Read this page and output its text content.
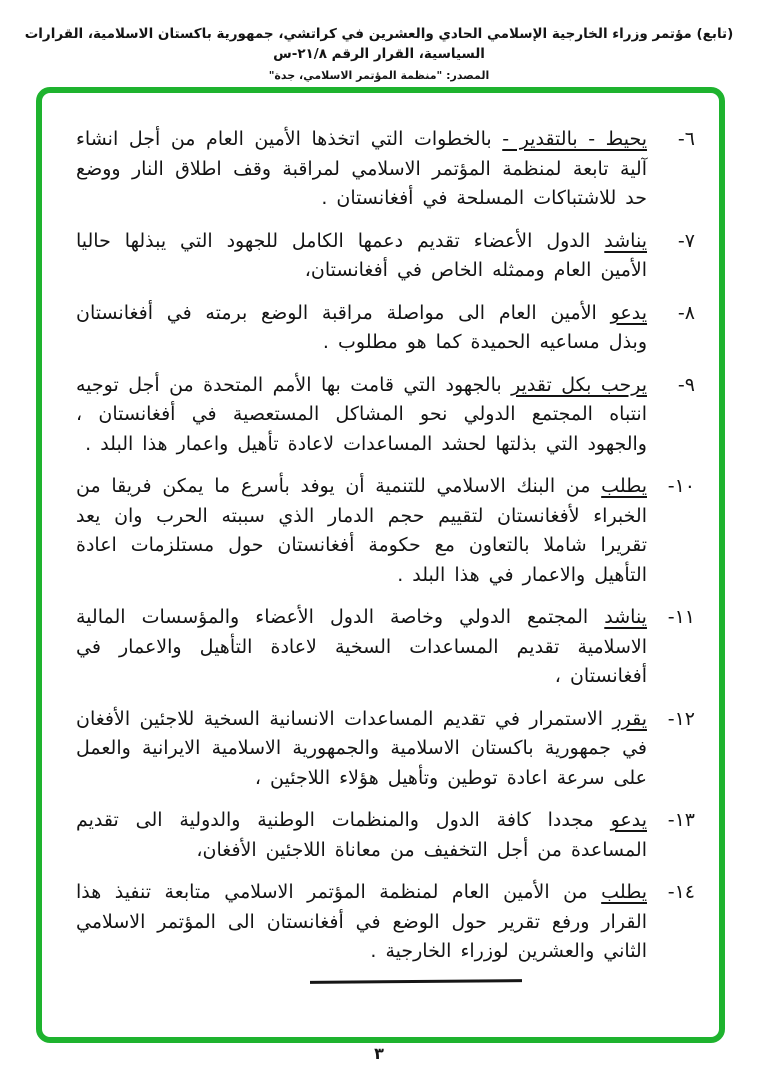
(تابع) مؤتمر وزراء الخارجية الإسلامي الحادي والعشرين في كراتشي، جمهورية باكستان الاسلامية، القرارات السياسية، القرار الرقم ٢١/٨-س
المصدر: "منظمة المؤتمر الاسلامي، جدة"
٦-

يحيط - بالتقدير - بالخطوات التي اتخذها الأمين العام من أجل انشاء آلية تابعة لمنظمة المؤتمر الاسلامي لمراقبة وقف اطلاق النار ووضع حد للاشتباكات المسلحة في أفغانستان .

٧-

يناشد الدول الأعضاء تقديم دعمها الكامل للجهود التي يبذلها حاليا الأمين العام وممثله الخاص في أفغانستان،

٨-

يدعو الأمين العام الى مواصلة مراقبة الوضع برمته في أفغانستان وبذل مساعيه الحميدة كما هو مطلوب .

٩-

يرحب بكل تقدير بالجهود التي قامت بها الأمم المتحدة من أجل توجيه انتباه المجتمع الدولي نحو المشاكل المستعصية في أفغانستان ، والجهود التي بذلتها لحشد المساعدات لاعادة تأهيل واعمار هذا البلد .

١٠-

يطلب من البنك الاسلامي للتنمية أن يوفد بأسرع ما يمكن فريقا من الخبراء لأفغانستان لتقييم حجم الدمار الذي سببته الحرب وان يعد تقريرا شاملا بالتعاون مع حكومة أفغانستان حول مستلزمات اعادة التأهيل والاعمار في هذا البلد .

١١-

يناشد المجتمع الدولي وخاصة الدول الأعضاء والمؤسسات المالية الاسلامية تقديم المساعدات السخية لاعادة التأهيل والاعمار في أفغانستان ،

١٢-

يقرر الاستمرار في تقديم المساعدات الانسانية السخية للاجئين الأفغان في جمهورية باكستان الاسلامية والجمهورية الاسلامية الايرانية والعمل على سرعة اعادة توطين وتأهيل هؤلاء اللاجئين ،

١٣-

يدعو مجددا كافة الدول والمنظمات الوطنية والدولية الى تقديم المساعدة من أجل التخفيف من معاناة اللاجئين الأفغان،

١٤-

يطلب من الأمين العام لمنظمة المؤتمر الاسلامي متابعة تنفيذ هذا القرار ورفع تقرير حول الوضع في أفغانستان الى المؤتمر الاسلامي الثاني والعشرين لوزراء الخارجية .

٣
